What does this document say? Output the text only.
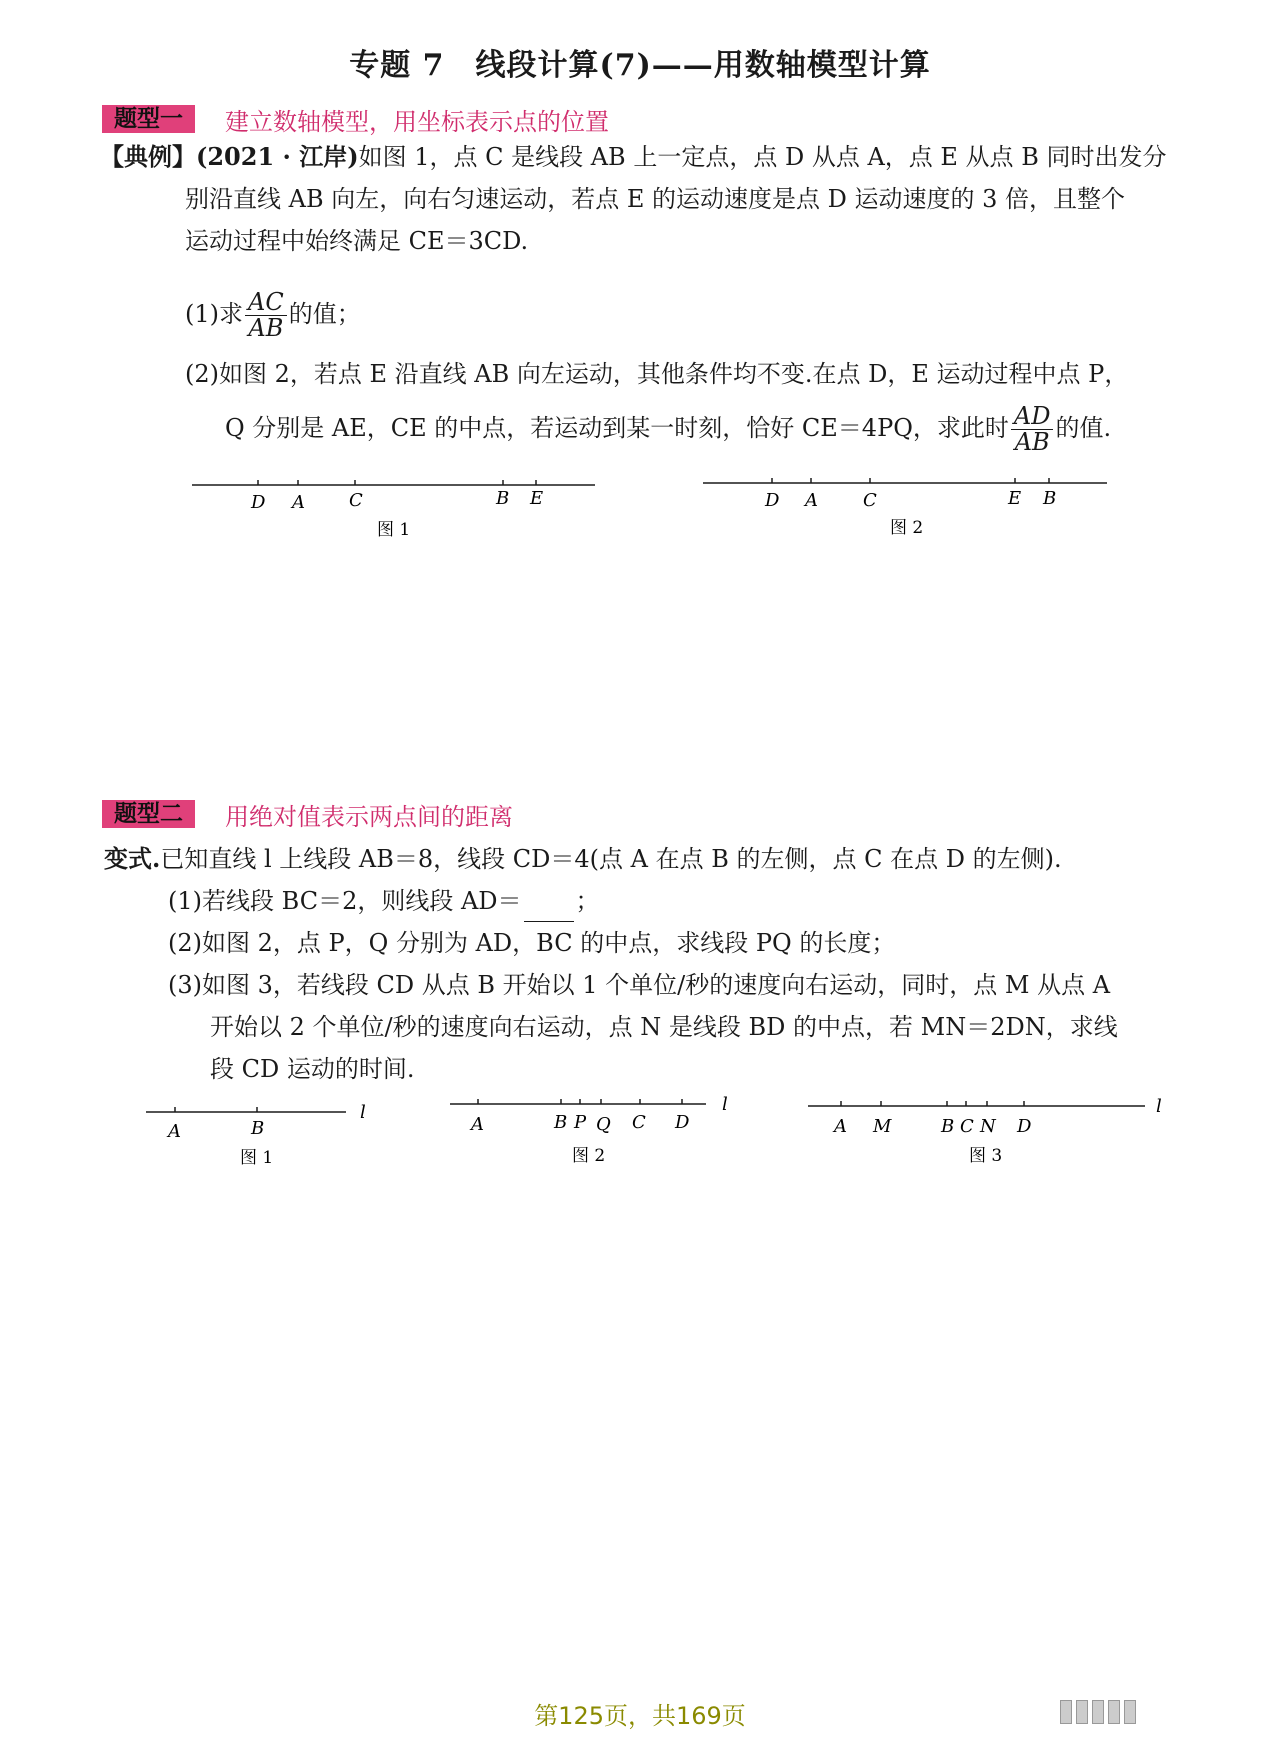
专题 7　线段计算(7)——用数轴模型计算
题型一	建立数轴模型，用坐标表示点的位置
【典例】(2021 · 江岸)如图 1，点 C 是线段 AB 上一定点，点 D 从点 A，点 E 从点 B 同时出发分
别沿直线 AB 向左，向右匀速运动，若点 E 的运动速度是点 D 运动速度的 3 倍，且整个
运动过程中始终满足 CE＝3CD.
(1)求 $\frac{AC}{AB}$ 的值；
(2)如图 2，若点 E 沿直线 AB 向左运动，其他条件均不变.在点 D，E 运动过程中点 P，
Q 分别是 AE，CE 的中点，若运动到某一时刻，恰好 CE＝4PQ，求此时 $\frac{AD}{AB}$ 的值.
题型二	用绝对值表示两点间的距离
变式.已知直线 l 上线段 AB＝8，线段 CD＝4(点 A 在点 B 的左侧，点 C 在点 D 的左侧).
(1)若线段 BC＝2，则线段 AD＝ ；
(2)如图 2，点 P，Q 分别为 AD，BC 的中点，求线段 PQ 的长度；
(3)如图 3，若线段 CD 从点 B 开始以 1 个单位/秒的速度向右运动，同时，点 M 从点 A
开始以 2 个单位/秒的速度向右运动，点 N 是线段 BD 的中点，若 MN＝2DN，求线
段 CD 运动的时间.
D A C	B E
图 1
D A	C	E B
图 2
A	B
l
图 1
A	B P Q C D
l
图 2
A M	B C N D
l
图 3
第125页，共169页
